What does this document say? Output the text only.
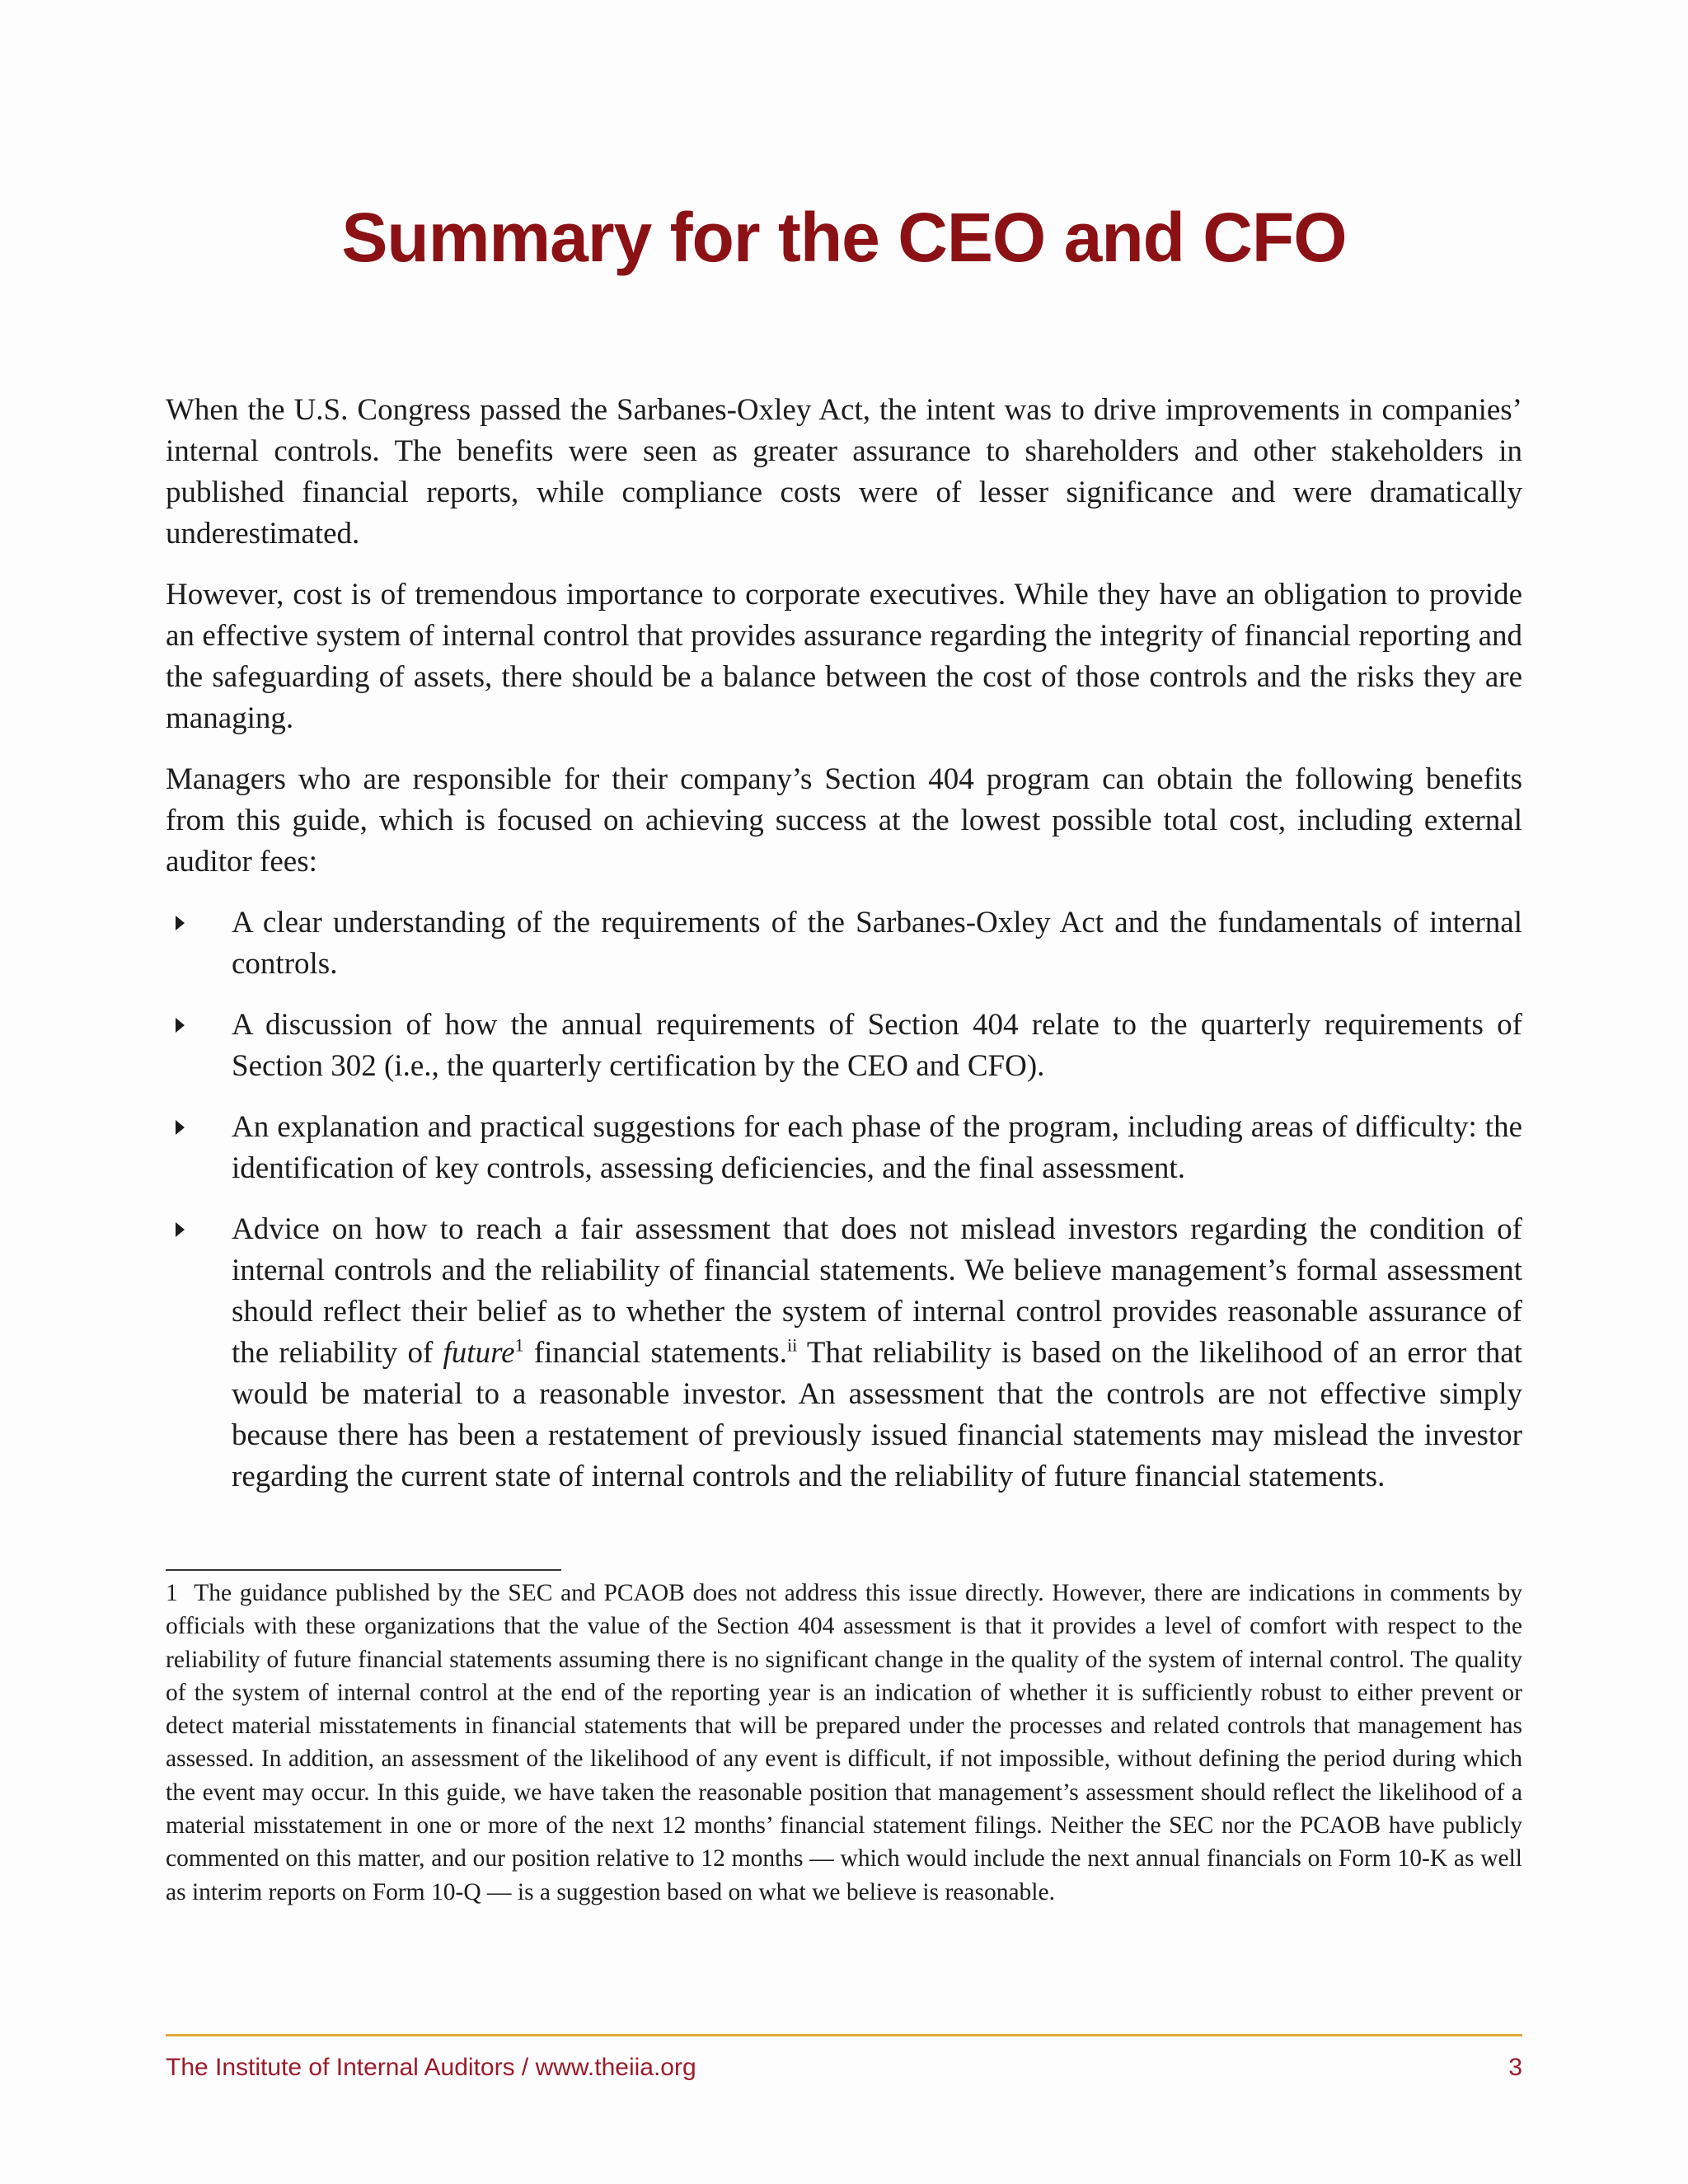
Summary for the CEO and CFO

When the U.S. Congress passed the Sarbanes-Oxley Act, the intent was to drive improvements in companies’ internal controls. The benefits were seen as greater assurance to shareholders and other stakeholders in published financial reports, while compliance costs were of lesser significance and were dramatically underestimated.

However, cost is of tremendous importance to corporate executives. While they have an obligation to provide an effective system of internal control that provides assurance regarding the integrity of financial reporting and the safeguarding of assets, there should be a balance between the cost of those controls and the risks they are managing.

Managers who are responsible for their company’s Section 404 program can obtain the following benefits from this guide, which is focused on achieving success at the lowest possible total cost, including external auditor fees:

A clear understanding of the requirements of the Sarbanes-Oxley Act and the fundamentals of internal controls.
A discussion of how the annual requirements of Section 404 relate to the quarterly requirements of Section 302 (i.e., the quarterly certification by the CEO and CFO).
An explanation and practical suggestions for each phase of the program, including areas of difficulty: the identification of key controls, assessing deficiencies, and the final assessment.
Advice on how to reach a fair assessment that does not mislead investors regarding the condition of internal controls and the reliability of financial statements. We believe management’s formal assessment should reflect their belief as to whether the system of internal control provides reasonable assurance of the reliability of future$^1$ financial statements.$^{ii}$ That reliability is based on the likelihood of an error that would be material to a reasonable investor. An assessment that the controls are not effective simply because there has been a restatement of previously issued financial statements may mislead the investor regarding the current state of internal controls and the reliability of future financial statements.
1 The guidance published by the SEC and PCAOB does not address this issue directly. However, there are indications in comments by officials with these organizations that the value of the Section 404 assessment is that it provides a level of comfort with respect to the reliability of future financial statements assuming there is no significant change in the quality of the system of internal control. The quality of the system of internal control at the end of the reporting year is an indication of whether it is sufficiently robust to either prevent or detect material misstatements in financial statements that will be prepared under the processes and related controls that management has assessed. In addition, an assessment of the likelihood of any event is difficult, if not impossible, without defining the period during which the event may occur. In this guide, we have taken the reasonable position that management’s assessment should reflect the likelihood of a material misstatement in one or more of the next 12 months’ financial statement filings. Neither the SEC nor the PCAOB have publicly commented on this matter, and our position relative to 12 months — which would include the next annual financials on Form 10-K as well as interim reports on Form 10-Q — is a suggestion based on what we believe is reasonable.
The Institute of Internal Auditors / www.theiia.org	3
